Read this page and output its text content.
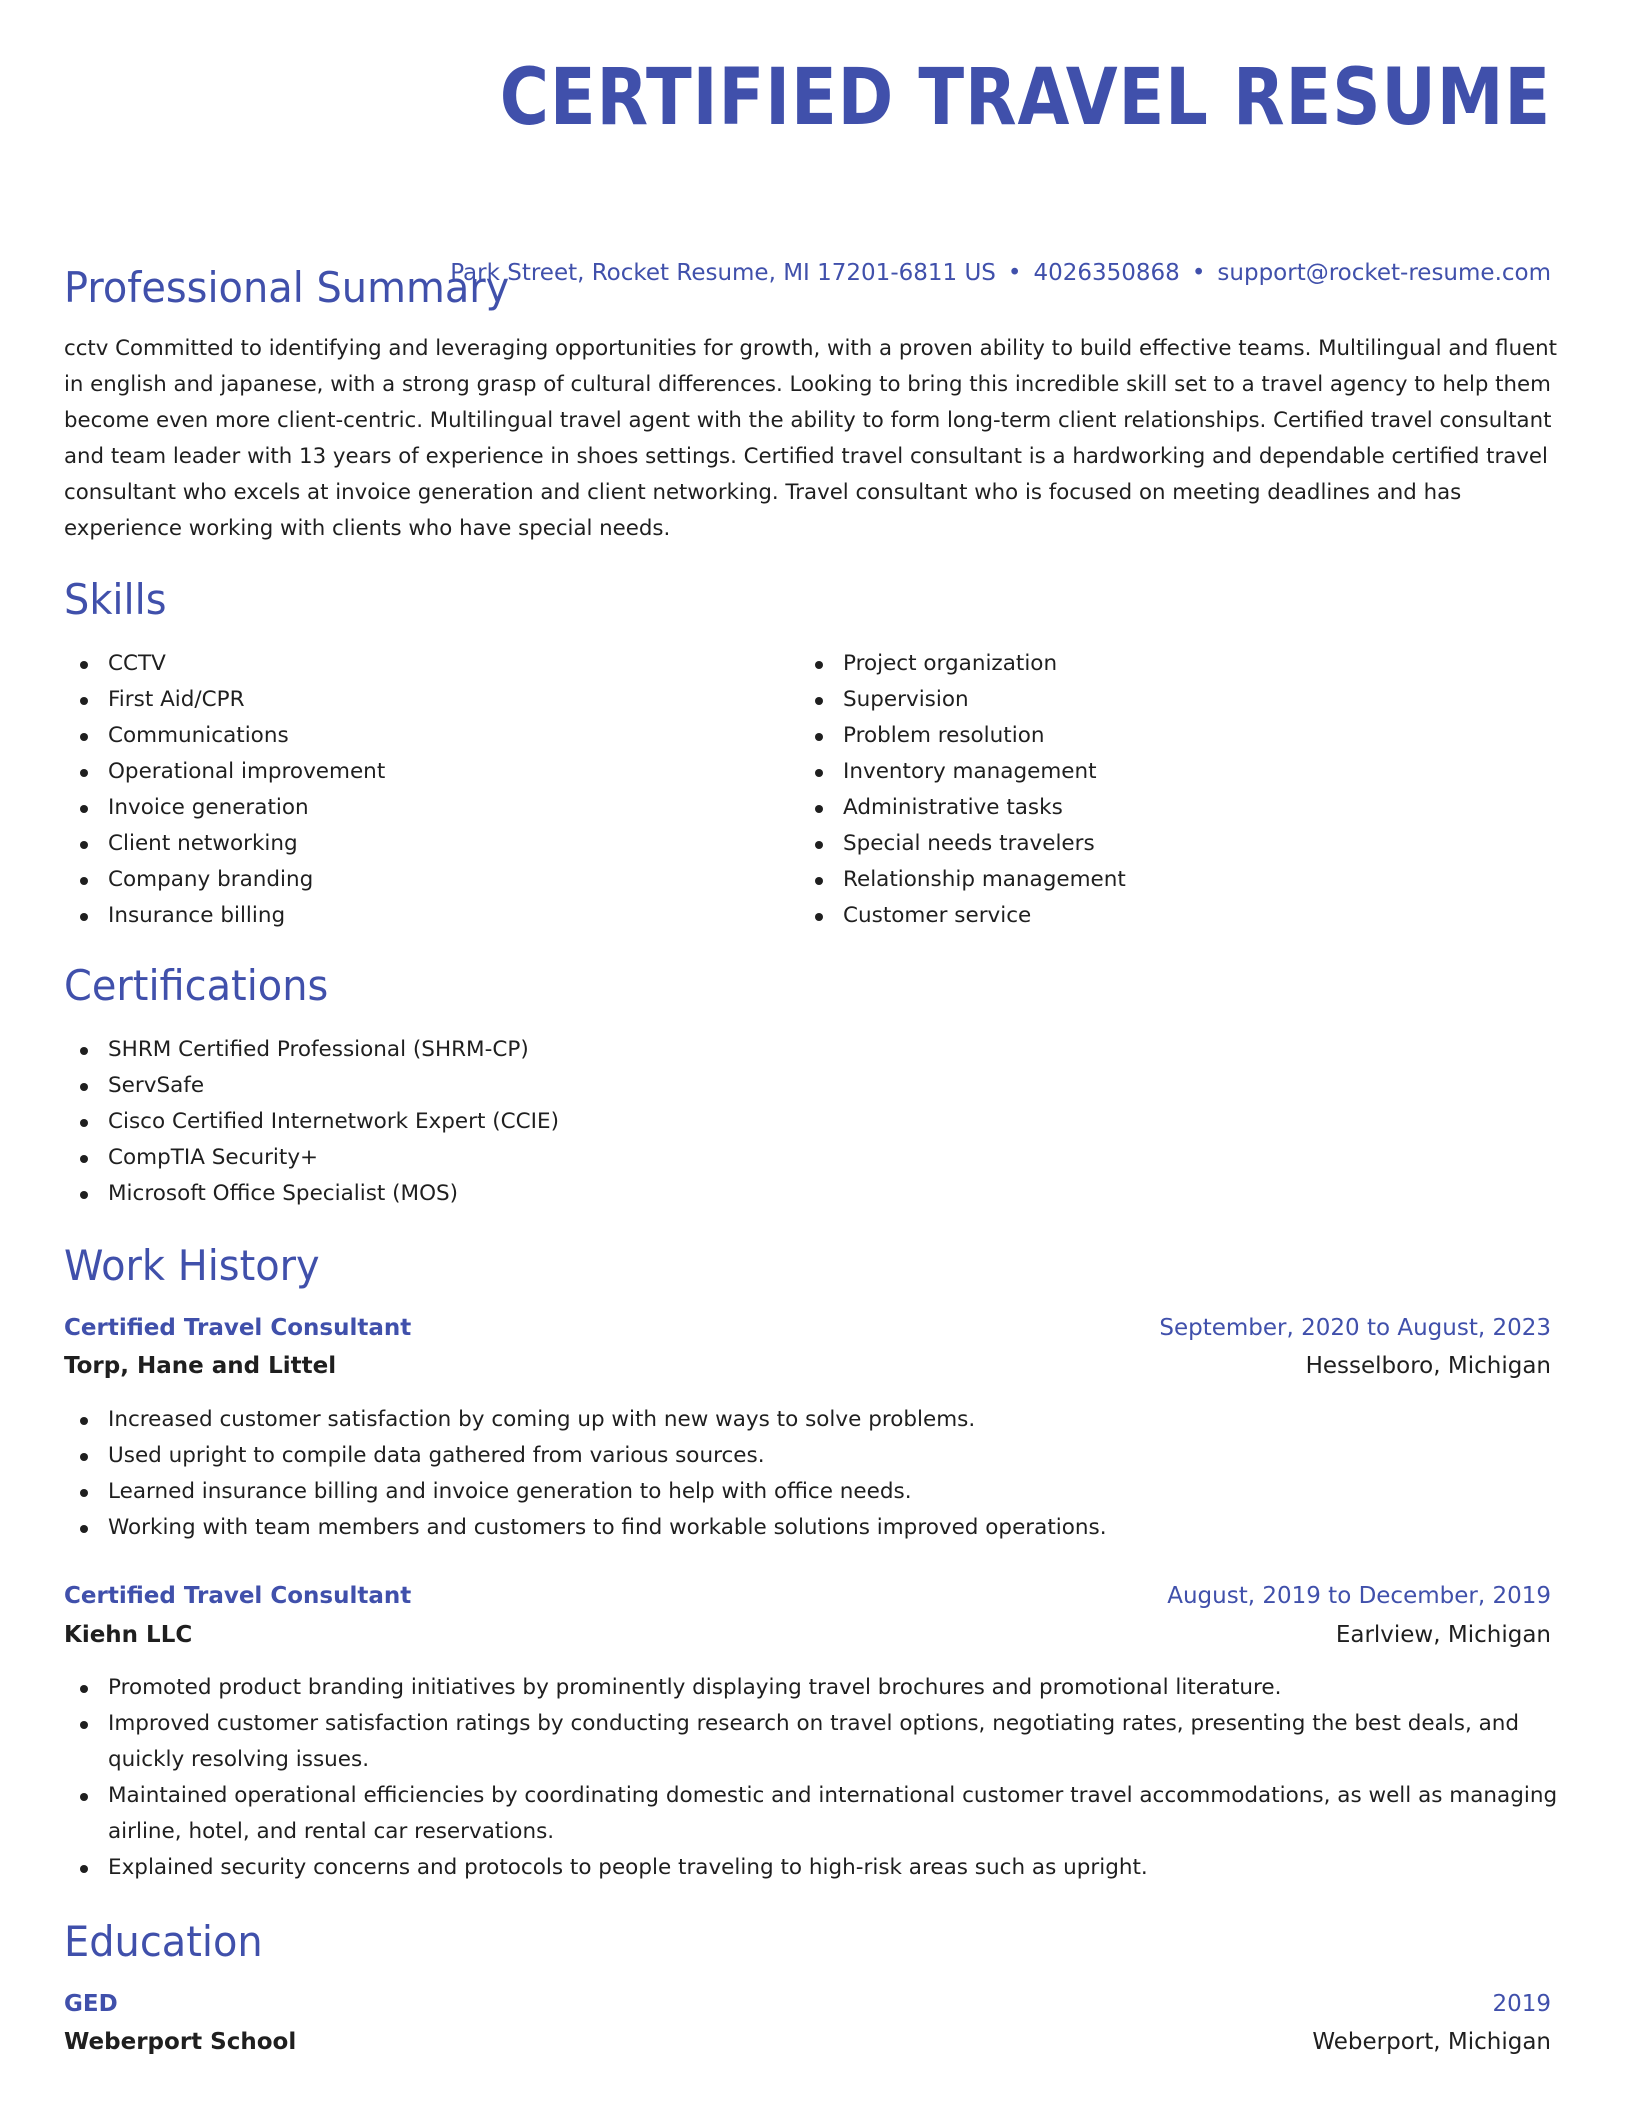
CERTIFIED TRAVEL RESUME
Park Street, Rocket Resume, MI 17201-6811 US • 4026350868 • support@rocket-resume.com
Professional Summary

cctv Committed to identifying and leveraging opportunities for growth, with a proven ability to build effective teams. Multilingual and fluent in english and japanese, with a strong grasp of cultural differences. Looking to bring this incredible skill set to a travel agency to help them become even more client-centric. Multilingual travel agent with the ability to form long-term client relationships. Certified travel consultant and team leader with 13 years of experience in shoes settings. Certified travel consultant is a hardworking and dependable certified travel consultant who excels at invoice generation and client networking. Travel consultant who is focused on meeting deadlines and has experience working with clients who have special needs.

Skills
CCTV
First Aid/CPR
Communications
Operational improvement
Invoice generation
Client networking
Company branding
Insurance billing
Project organization
Supervision
Problem resolution
Inventory management
Administrative tasks
Special needs travelers
Relationship management
Customer service
Certifications
SHRM Certified Professional (SHRM-CP)
ServSafe
Cisco Certified Internetwork Expert (CCIE)
CompTIA Security+
Microsoft Office Specialist (MOS)
Work History
Certified Travel Consultant	September, 2020 to August, 2023
Torp, Hane and Littel	Hesselboro, Michigan
Increased customer satisfaction by coming up with new ways to solve problems.
Used upright to compile data gathered from various sources.
Learned insurance billing and invoice generation to help with office needs.
Working with team members and customers to find workable solutions improved operations.
Certified Travel Consultant	August, 2019 to December, 2019
Kiehn LLC	Earlview, Michigan
Promoted product branding initiatives by prominently displaying travel brochures and promotional literature.
Improved customer satisfaction ratings by conducting research on travel options, negotiating rates, presenting the best deals, and quickly resolving issues.
Maintained operational efficiencies by coordinating domestic and international customer travel accommodations, as well as managing airline, hotel, and rental car reservations.
Explained security concerns and protocols to people traveling to high-risk areas such as upright.
Education
GED	2019
Weberport School	Weberport, Michigan
